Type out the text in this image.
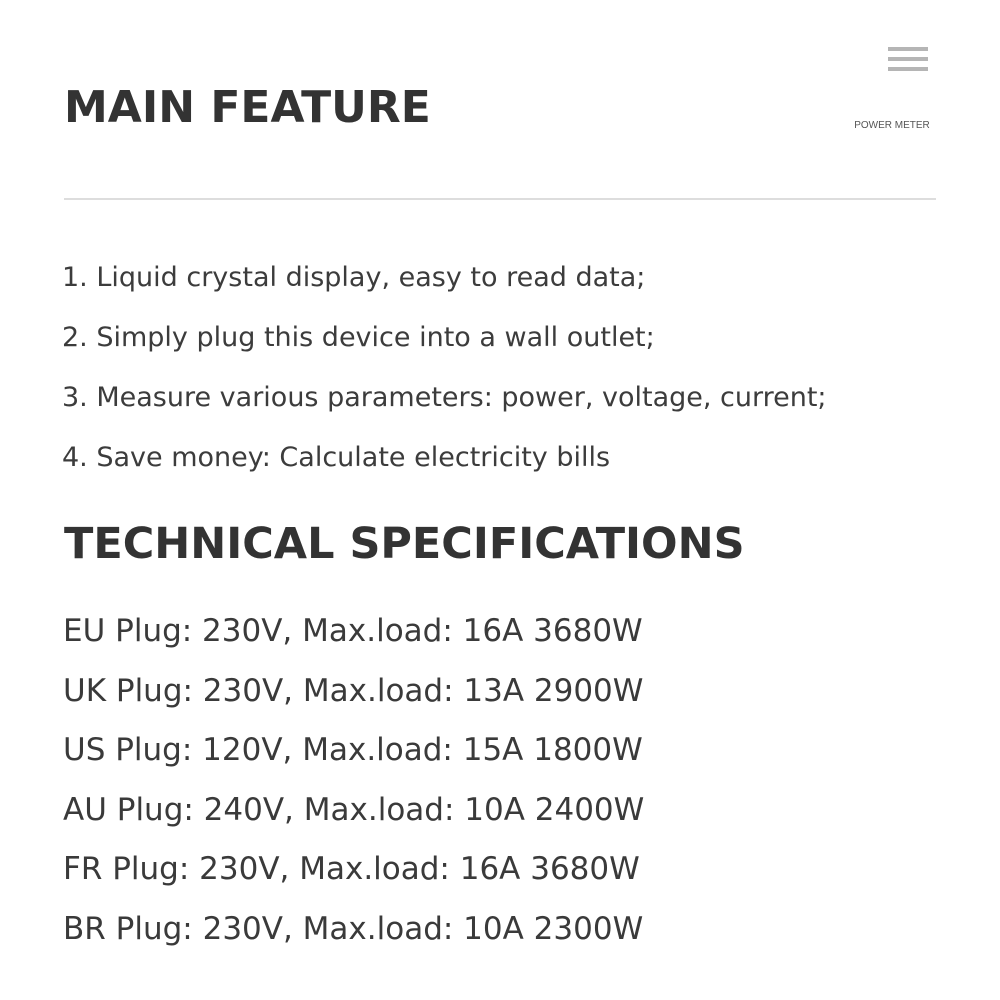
POWER METER
MAIN FEATURE
1. Liquid crystal display, easy to read data;
2. Simply plug this device into a wall outlet;
3. Measure various parameters: power, voltage, current;
4. Save money: Calculate electricity bills
TECHNICAL SPECIFICATIONS
EU Plug: 230V, Max.load: 16A 3680W
UK Plug: 230V, Max.load: 13A 2900W
US Plug: 120V, Max.load: 15A 1800W
AU Plug: 240V, Max.load: 10A 2400W
FR Plug: 230V, Max.load: 16A 3680W
BR Plug: 230V, Max.load: 10A 2300W
